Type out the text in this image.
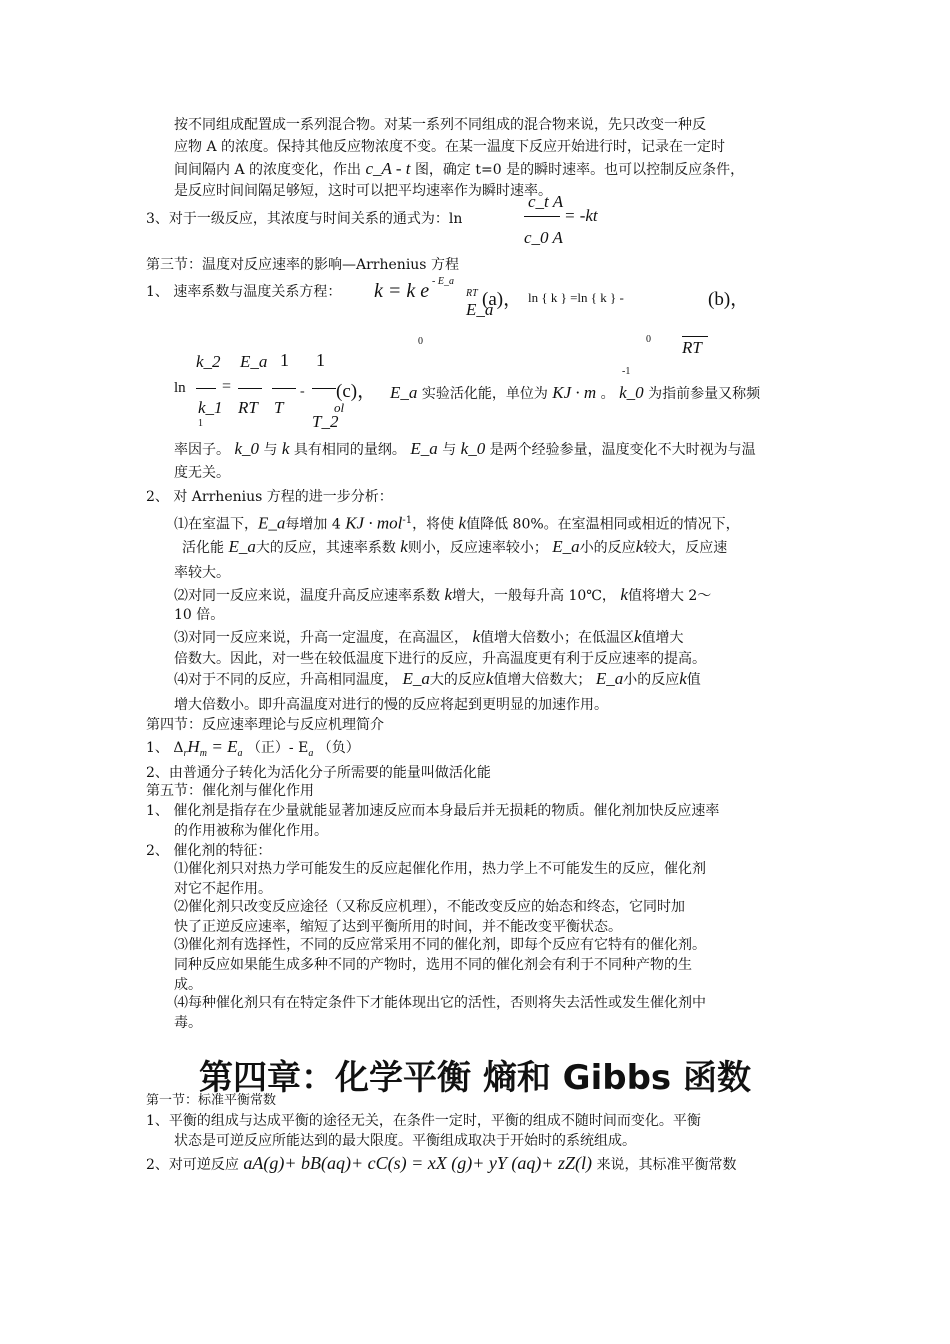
按不同组成配置成一系列混合物。对某一系列不同组成的混合物来说，先只改变一种反
应物 A 的浓度。保持其他反应物浓度不变。在某一温度下反应开始进行时，记录在一定时
间间隔内 A 的浓度变化，作出 c_A - t 图，确定 t=0 是的瞬时速率。也可以控制反应条件，
是反应时间间隔足够短，这时可以把平均速率作为瞬时速率。
3、对于一级反应，其浓度与时间关系的通式为：ln
c_t A
c_0 A
= -kt
第三节：温度对反应速率的影响—Arrhenius 方程
1、 速率系数与温度关系方程： k = k e - E_a
RT
E_a
(a)， ln { k } =ln { k } -	(b)，
0	0 RT
k_2 E_a 1 1
ln =	- (c)，
k_1 RT T
T_2
ol
1
-1
E_a 实验活化能，单位为 KJ · m 。 k_0 为指前参量又称频
率因子。 k_0 与 k 具有相同的量纲。 E_a 与 k_0 是两个经验参量，温度变化不大时视为与温
度无关。
2、 对 Arrhenius 方程的进一步分析：
⑴在室温下，E_a每增加 4 KJ · mol$^{-1}$，将使 k值降低 80%。在室温相同或相近的情况下，
活化能 E_a大的反应，其速率系数 k则小，反应速率较小； E_a小的反应k较大，反应速
率较大。
⑵对同一反应来说，温度升高反应速率系数 k增大，一般每升高 10℃， k值将增大 2～
10 倍。
⑶对同一反应来说，升高一定温度，在高温区， k值增大倍数小；在低温区k值增大
倍数大。因此，对一些在较低温度下进行的反应，升高温度更有利于反应速率的提高。
⑷对于不同的反应，升高相同温度， E_a大的反应k值增大倍数大； E_a小的反应k值
增大倍数小。即升高温度对进行的慢的反应将起到更明显的加速作用。
第四节：反应速率理论与反应机理简介
1、 $\Delta_rH_m = E_a$ （正）- $E_a$ （负）
2、由普通分子转化为活化分子所需要的能量叫做活化能
第五节：催化剂与催化作用
1、 催化剂是指存在少量就能显著加速反应而本身最后并无损耗的物质。催化剂加快反应速率
的作用被称为催化作用。
2、 催化剂的特征：
⑴催化剂只对热力学可能发生的反应起催化作用，热力学上不可能发生的反应，催化剂
对它不起作用。
⑵催化剂只改变反应途径（又称反应机理），不能改变反应的始态和终态，它同时加
快了正逆反应速率，缩短了达到平衡所用的时间，并不能改变平衡状态。
⑶催化剂有选择性，不同的反应常采用不同的催化剂，即每个反应有它特有的催化剂。
同种反应如果能生成多种不同的产物时，选用不同的催化剂会有利于不同种产物的生
成。
⑷每种催化剂只有在特定条件下才能体现出它的活性，否则将失去活性或发生催化剂中
毒。
第四章：化学平衡 熵和 Gibbs 函数
第一节：标准平衡常数
1、平衡的组成与达成平衡的途径无关，在条件一定时，平衡的组成不随时间而变化。平衡
状态是可逆反应所能达到的最大限度。平衡组成取决于开始时的系统组成。
2、对可逆反应 aA(g)+ bB(aq)+ cC(s) = xX (g)+ yY (aq)+ zZ(l) 来说，其标准平衡常数
